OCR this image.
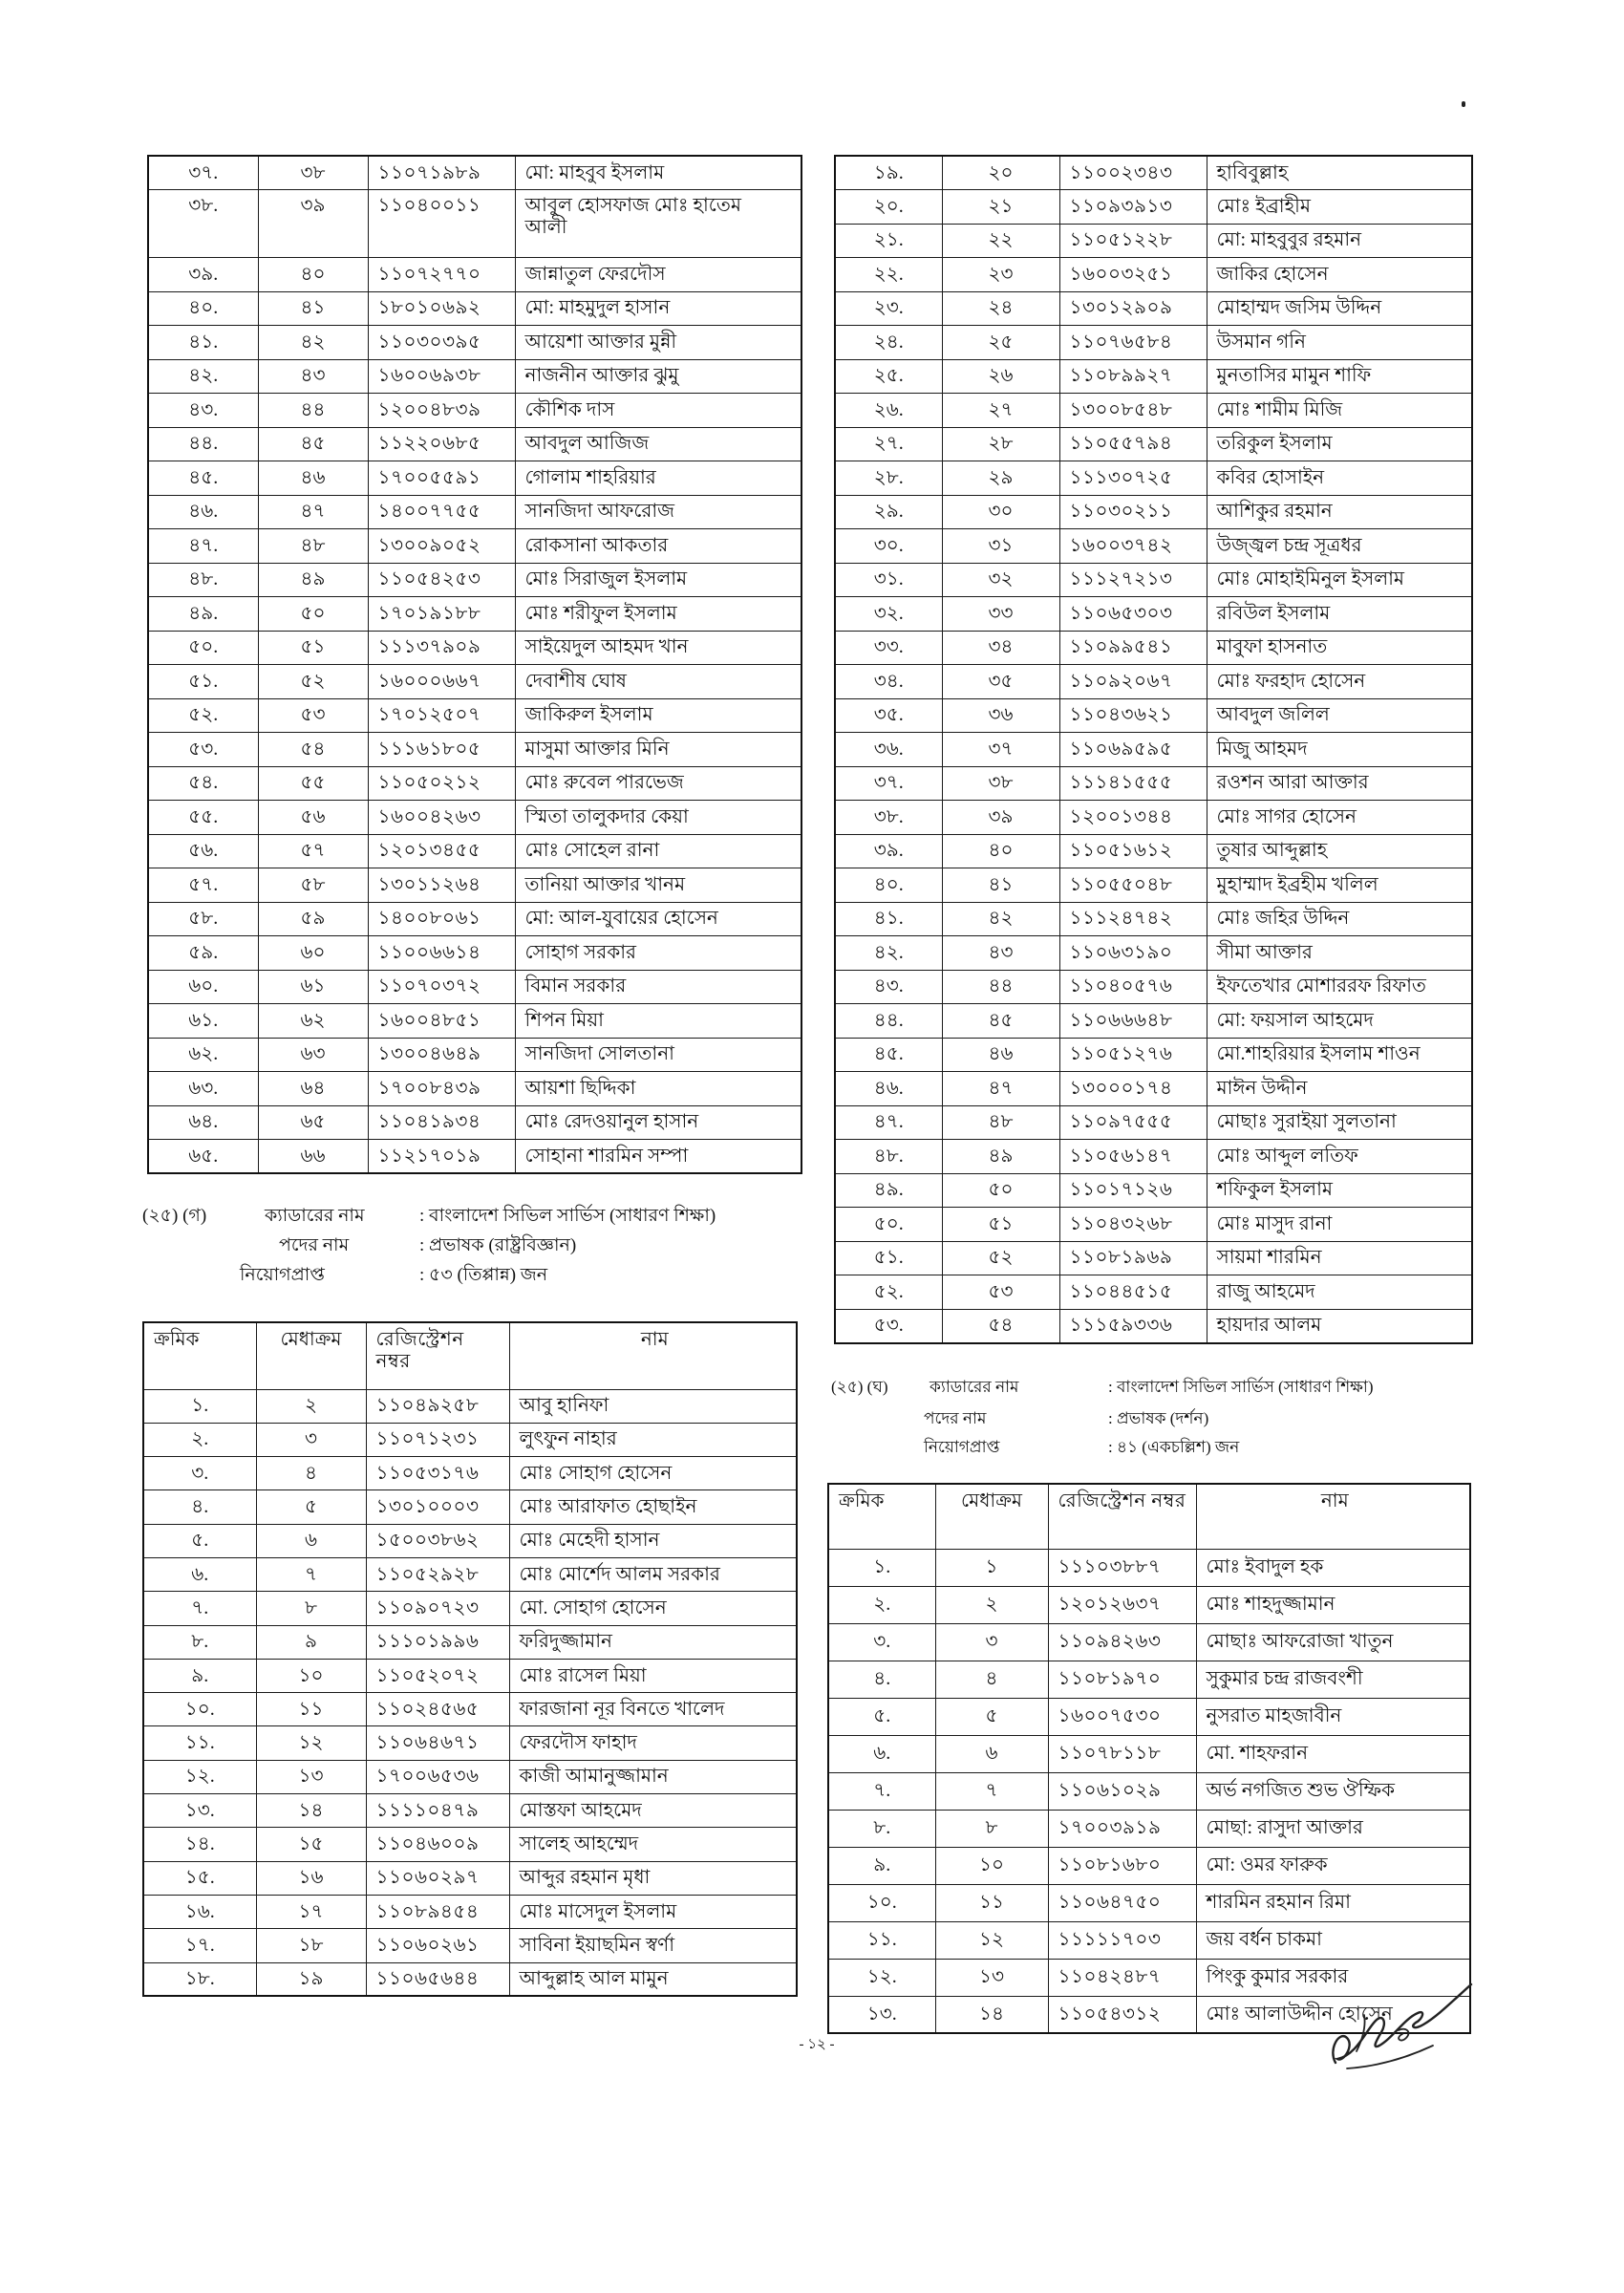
৩৭.	৩৮	১১০৭১৯৮৯	মো: মাহবুব ইসলাম
৩৮.	৩৯	১১০৪০০১১	আবুল হোসফাজ মোঃ হাতেম আলী
৩৯.	৪০	১১০৭২৭৭০	জান্নাতুল ফেরদৌস
৪০.	৪১	১৮০১০৬৯২	মো: মাহমুদুল হাসান
৪১.	৪২	১১০৩০৩৯৫	আয়েশা আক্তার মুন্নী
৪২.	৪৩	১৬০০৬৯৩৮	নাজনীন আক্তার ঝুমু
৪৩.	৪৪	১২০০৪৮৩৯	কৌশিক দাস
৪৪.	৪৫	১১২২০৬৮৫	আবদুল আজিজ
৪৫.	৪৬	১৭০০৫৫৯১	গোলাম শাহরিয়ার
৪৬.	৪৭	১৪০০৭৭৫৫	সানজিদা আফরোজ
৪৭.	৪৮	১৩০০৯০৫২	রোকসানা আকতার
৪৮.	৪৯	১১০৫৪২৫৩	মোঃ সিরাজুল ইসলাম
৪৯.	৫০	১৭০১৯১৮৮	মোঃ শরীফুল ইসলাম
৫০.	৫১	১১১৩৭৯০৯	সাইয়েদুল আহমদ খান
৫১.	৫২	১৬০০০৬৬৭	দেবাশীষ ঘোষ
৫২.	৫৩	১৭০১২৫০৭	জাকিরুল ইসলাম
৫৩.	৫৪	১১১৬১৮০৫	মাসুমা আক্তার মিনি
৫৪.	৫৫	১১০৫০২১২	মোঃ রুবেল পারভেজ
৫৫.	৫৬	১৬০০৪২৬৩	স্মিতা তালুকদার কেয়া
৫৬.	৫৭	১২০১৩৪৫৫	মোঃ সোহেল রানা
৫৭.	৫৮	১৩০১১২৬৪	তানিয়া আক্তার খানম
৫৮.	৫৯	১৪০০৮০৬১	মো: আল-যুবায়ের হোসেন
৫৯.	৬০	১১০০৬৬১৪	সোহাগ সরকার
৬০.	৬১	১১০৭০৩৭২	বিমান সরকার
৬১.	৬২	১৬০০৪৮৫১	শিপন মিয়া
৬২.	৬৩	১৩০০৪৬৪৯	সানজিদা সোলতানা
৬৩.	৬৪	১৭০০৮৪৩৯	আয়শা ছিদ্দিকা
৬৪.	৬৫	১১০৪১৯৩৪	মোঃ রেদওয়ানুল হাসান
৬৫.	৬৬	১১২১৭০১৯	সোহানা শারমিন সম্পা
(২৫) (গ)	ক্যাডারের নাম	: বাংলাদেশ সিভিল সার্ভিস (সাধারণ শিক্ষা)
পদের নাম	: প্রভাষক (রাষ্ট্রবিজ্ঞান)
নিয়োগপ্রাপ্ত	: ৫৩ (তিপ্পান্ন) জন
ক্রমিক	মেধাক্রম	রেজিস্ট্রেশন নম্বর	নাম
১.	২	১১০৪৯২৫৮	আবু হানিফা
২.	৩	১১০৭১২৩১	লুৎফুন নাহার
৩.	৪	১১০৫৩১৭৬	মোঃ সোহাগ হোসেন
৪.	৫	১৩০১০০০৩	মোঃ আরাফাত হোছাইন
৫.	৬	১৫০০৩৮৬২	মোঃ মেহেদী হাসান
৬.	৭	১১০৫২৯২৮	মোঃ মোর্শেদ আলম সরকার
৭.	৮	১১০৯০৭২৩	মো. সোহাগ হোসেন
৮.	৯	১১১০১৯৯৬	ফরিদুজ্জামান
৯.	১০	১১০৫২০৭২	মোঃ রাসেল মিয়া
১০.	১১	১১০২৪৫৬৫	ফারজানা নূর বিনতে খালেদ
১১.	১২	১১০৬৪৬৭১	ফেরদৌস ফাহাদ
১২.	১৩	১৭০০৬৫৩৬	কাজী আমানুজ্জামান
১৩.	১৪	১১১১০৪৭৯	মোস্তফা আহমেদ
১৪.	১৫	১১০৪৬০০৯	সালেহ আহম্মেদ
১৫.	১৬	১১০৬০২৯৭	আব্দুর রহমান মৃধা
১৬.	১৭	১১০৮৯৪৫৪	মোঃ মাসেদুল ইসলাম
১৭.	১৮	১১০৬০২৬১	সাবিনা ইয়াছমিন স্বর্ণা
১৮.	১৯	১১০৬৫৬৪৪	আব্দুল্লাহ আল মামুন
১৯.	২০	১১০০২৩৪৩	হাবিবুল্লাহ
২০.	২১	১১০৯৩৯১৩	মোঃ ইব্রাহীম
২১.	২২	১১০৫১২২৮	মো: মাহবুবুর রহমান
২২.	২৩	১৬০০৩২৫১	জাকির হোসেন
২৩.	২৪	১৩০১২৯০৯	মোহাম্মদ জসিম উদ্দিন
২৪.	২৫	১১০৭৬৫৮৪	উসমান গনি
২৫.	২৬	১১০৮৯৯২৭	মুনতাসির মামুন শাফি
২৬.	২৭	১৩০০৮৫৪৮	মোঃ শামীম মিজি
২৭.	২৮	১১০৫৫৭৯৪	তরিকুল ইসলাম
২৮.	২৯	১১১৩০৭২৫	কবির হোসাইন
২৯.	৩০	১১০৩০২১১	আশিকুর রহমান
৩০.	৩১	১৬০০৩৭৪২	উজ্জ্বল চন্দ্র সূত্রধর
৩১.	৩২	১১১২৭২১৩	মোঃ মোহাইমিনুল ইসলাম
৩২.	৩৩	১১০৬৫৩০৩	রবিউল ইসলাম
৩৩.	৩৪	১১০৯৯৫৪১	মাবুফা হাসনাত
৩৪.	৩৫	১১০৯২০৬৭	মোঃ ফরহাদ হোসেন
৩৫.	৩৬	১১০৪৩৬২১	আবদুল জলিল
৩৬.	৩৭	১১০৬৯৫৯৫	মিজু আহমদ
৩৭.	৩৮	১১১৪১৫৫৫	রওশন আরা আক্তার
৩৮.	৩৯	১২০০১৩৪৪	মোঃ সাগর হোসেন
৩৯.	৪০	১১০৫১৬১২	তুষার আব্দুল্লাহ
৪০.	৪১	১১০৫৫০৪৮	মুহাম্মাদ ইব্রহীম খলিল
৪১.	৪২	১১১২৪৭৪২	মোঃ জহির উদ্দিন
৪২.	৪৩	১১০৬৩১৯০	সীমা আক্তার
৪৩.	৪৪	১১০৪০৫৭৬	ইফতেখার মোশাররফ রিফাত
৪৪.	৪৫	১১০৬৬৬৪৮	মো: ফয়সাল আহমেদ
৪৫.	৪৬	১১০৫১২৭৬	মো.শাহরিয়ার ইসলাম শাওন
৪৬.	৪৭	১৩০০০১৭৪	মাঈন উদ্দীন
৪৭.	৪৮	১১০৯৭৫৫৫	মোছাঃ সুরাইয়া সুলতানা
৪৮.	৪৯	১১০৫৬১৪৭	মোঃ আব্দুল লতিফ
৪৯.	৫০	১১০১৭১২৬	শফিকুল ইসলাম
৫০.	৫১	১১০৪৩২৬৮	মোঃ মাসুদ রানা
৫১.	৫২	১১০৮১৯৬৯	সায়মা শারমিন
৫২.	৫৩	১১০৪৪৫১৫	রাজু আহমেদ
৫৩.	৫৪	১১১৫৯৩৩৬	হায়দার আলম
(২৫) (ঘ)	ক্যাডারের নাম	: বাংলাদেশ সিভিল সার্ভিস (সাধারণ শিক্ষা)
পদের নাম	: প্রভাষক (দর্শন)
নিয়োগপ্রাপ্ত	: ৪১ (একচল্লিশ) জন
ক্রমিক	মেধাক্রম	রেজিস্ট্রেশন নম্বর	নাম
১.	১	১১১০৩৮৮৭	মোঃ ইবাদুল হক
২.	২	১২০১২৬৩৭	মোঃ শাহদুজ্জামান
৩.	৩	১১০৯৪২৬৩	মোছাঃ আফরোজা খাতুন
৪.	৪	১১০৮১৯৭০	সুকুমার চন্দ্র রাজবংশী
৫.	৫	১৬০০৭৫৩০	নুসরাত মাহজাবীন
৬.	৬	১১০৭৮১১৮	মো. শাহফরান
৭.	৭	১১০৬১০২৯	অর্ভ নগজিত শুভ ঔম্ফিক
৮.	৮	১৭০০৩৯১৯	মোছা: রাসুদা আক্তার
৯.	১০	১১০৮১৬৮০	মো: ওমর ফারুক
১০.	১১	১১০৬৪৭৫০	শারমিন রহমান রিমা
১১.	১২	১১১১১৭০৩	জয় বর্ধন চাকমা
১২.	১৩	১১০৪২৪৮৭	পিংকু কুমার সরকার
১৩.	১৪	১১০৫৪৩১২	মোঃ আলাউদ্দীন হোসেন
- ১২ -
